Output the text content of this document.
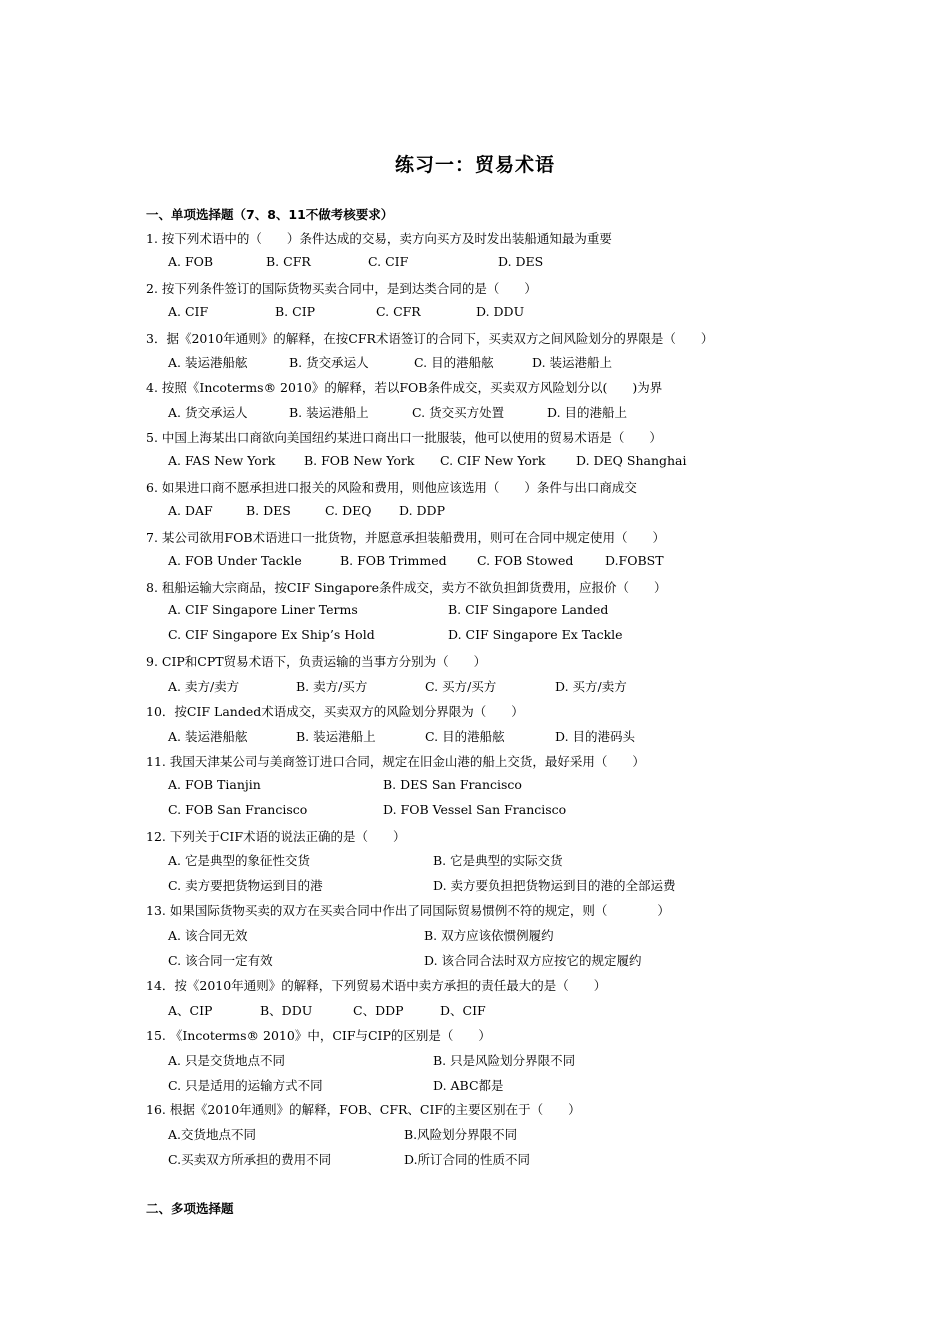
练习一：贸易术语
一、单项选择题（7、8、11不做考核要求）
1. 按下列术语中的（　　）条件达成的交易，卖方向买方及时发出装船通知最为重要
A. FOB	B. CFR	C. CIF	D. DES
2. 按下列条件签订的国际货物买卖合同中，是到达类合同的是（　　）
A. CIF	B. CIP	C. CFR	D. DDU
3．据《2010年通则》的解释，在按CFR术语签订的合同下，买卖双方之间风险划分的界限是（　　）
A. 装运港船舷	B. 货交承运人	C. 目的港船舷	D. 装运港船上
4. 按照《Incoterms® 2010》的解释，若以FOB条件成交，买卖双方风险划分以(　　)为界
A. 货交承运人	B. 装运港船上	C. 货交买方处置	D. 目的港船上
5. 中国上海某出口商欲向美国纽约某进口商出口一批服装，他可以使用的贸易术语是（　　）
A. FAS New York B. FOB New York C. CIF New York D. DEQ Shanghai
6. 如果进口商不愿承担进口报关的风险和费用，则他应该选用（　　）条件与出口商成交
A. DAF	B. DES	C. DEQ D. DDP
7. 某公司欲用FOB术语进口一批货物，并愿意承担装船费用，则可在合同中规定使用（　　）
A. FOB Under Tackle	B. FOB Trimmed C. FOB Stowed	D.FOBST
8. 租船运输大宗商品，按CIF Singapore条件成交，卖方不欲负担卸货费用，应报价（　　）
A. CIF Singapore Liner Terms	B. CIF Singapore Landed
C. CIF Singapore Ex Ship’s Hold	D. CIF Singapore Ex Tackle
9. CIP和CPT贸易术语下，负责运输的当事方分别为（　　）
A. 卖方/卖方	B. 卖方/买方	C. 买方/买方	D. 买方/卖方
10．按CIF Landed术语成交，买卖双方的风险划分界限为（　　）
A. 装运港船舷	B. 装运港船上	C. 目的港船舷	D. 目的港码头
11. 我国天津某公司与美商签订进口合同，规定在旧金山港的船上交货，最好采用（　　）
A. FOB Tianjin	B. DES San Francisco
C. FOB San Francisco	D. FOB Vessel San Francisco
12. 下列关于CIF术语的说法正确的是（　　）
A. 它是典型的象征性交货	B. 它是典型的实际交货
C. 卖方要把货物运到目的港	D. 卖方要负担把货物运到目的港的全部运费
13. 如果国际货物买卖的双方在买卖合同中作出了同国际贸易惯例不符的规定，则（　　　　）
A. 该合同无效	B. 双方应该依惯例履约
C. 该合同一定有效	D. 该合同合法时双方应按它的规定履约
14．按《2010年通则》的解释，下列贸易术语中卖方承担的责任最大的是（　　）
A、CIP	B、DDU	C、DDP	D、CIF
15. 《Incoterms® 2010》中，CIF与CIP的区别是（　　）
A. 只是交货地点不同	B. 只是风险划分界限不同
C. 只是适用的运输方式不同	D. ABC都是
16. 根据《2010年通则》的解释，FOB、CFR、CIF的主要区别在于（　　）
A.交货地点不同	B.风险划分界限不同
C.买卖双方所承担的费用不同	D.所订合同的性质不同
二、多项选择题
